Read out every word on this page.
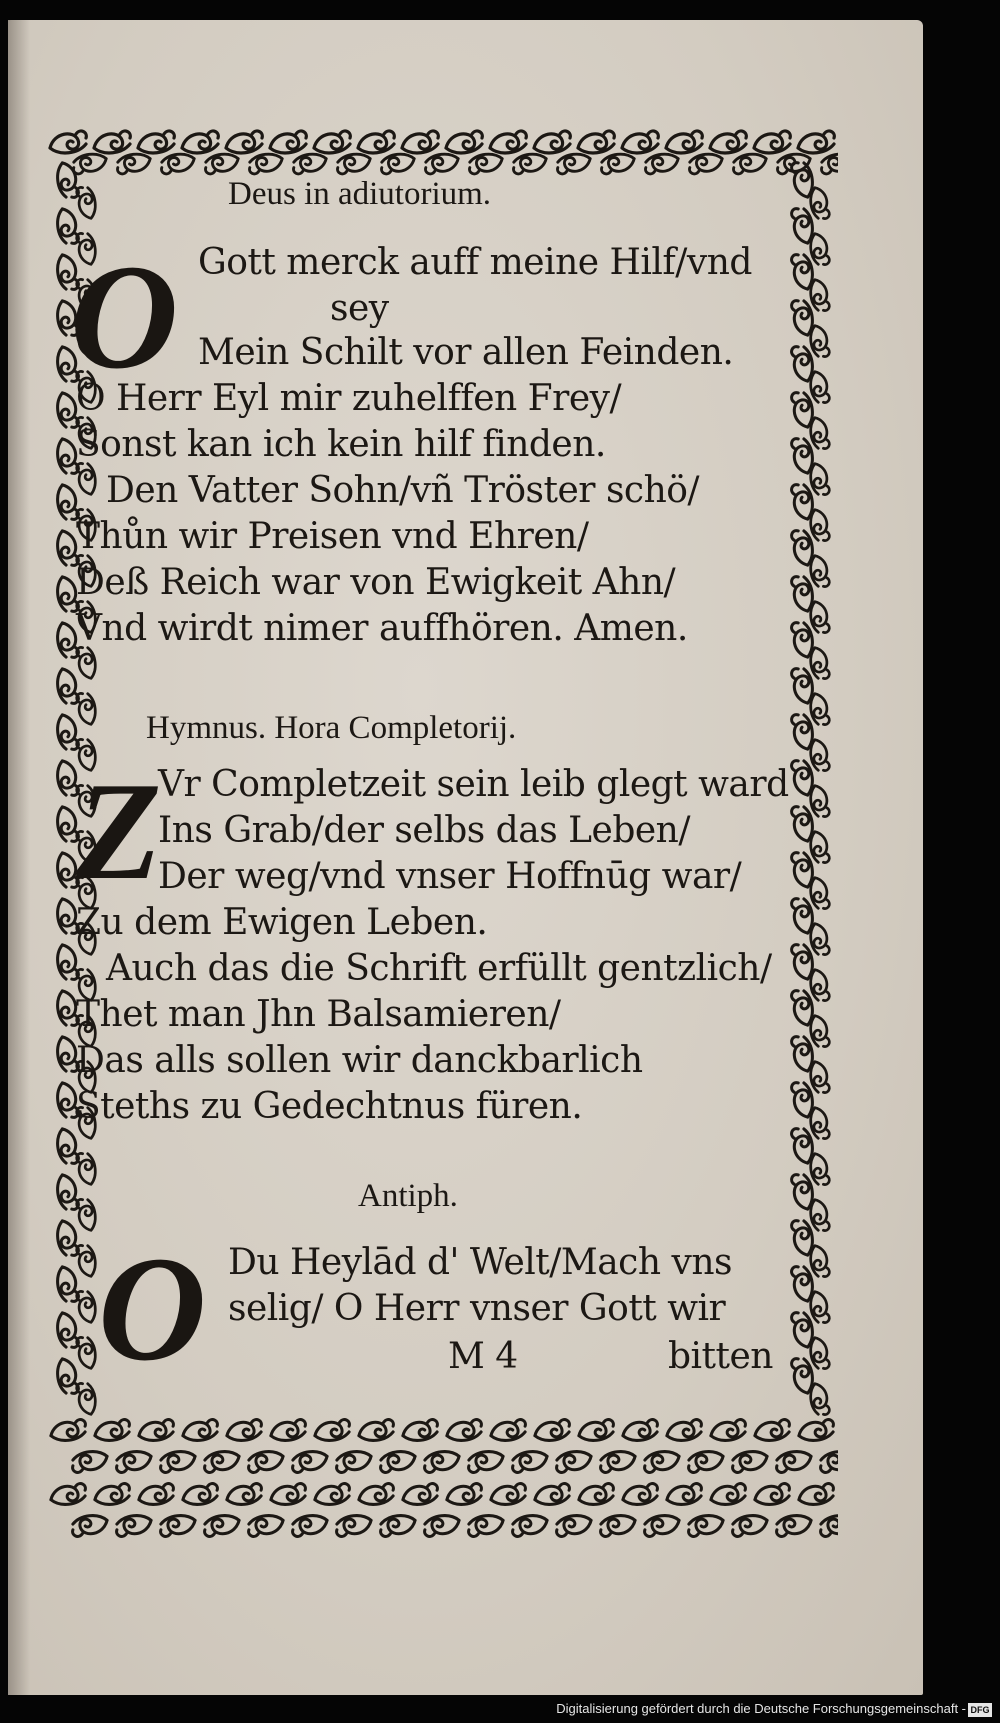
Deus in adiutorium.

O Gott merck auff meine Hilf/vnd

sey

Mein Schilt vor allen Feinden.

O Herr Eyl mir zuhelffen Frey/

Sonst kan ich kein hilf finden.

Den Vatter Sohn/vñ Tröster schö/

Thůn wir Preisen vnd Ehren/

Deß Reich war von Ewigkeit Ahn/

Vnd wirdt nimer auffhören. Amen.

Hymnus. Hora Completorij.

Z

Vr Completzeit sein leib glegt ward

Ins Grab/der selbs das Leben/

Der weg/vnd vnser Hoffnūg war/

Zu dem Ewigen Leben.

Auch das die Schrift erfüllt gentzlich/

Thet man Jhn Balsamieren/

Das alls sollen wir danckbarlich

Steths zu Gedechtnus füren.

Antiph.

O Du Heylād d' Welt/Mach vns

selig/ O Herr vnser Gott wir

M 4	bitten

Digitalisierung gefördert durch die Deutsche Forschungsgemeinschaft - DFG
